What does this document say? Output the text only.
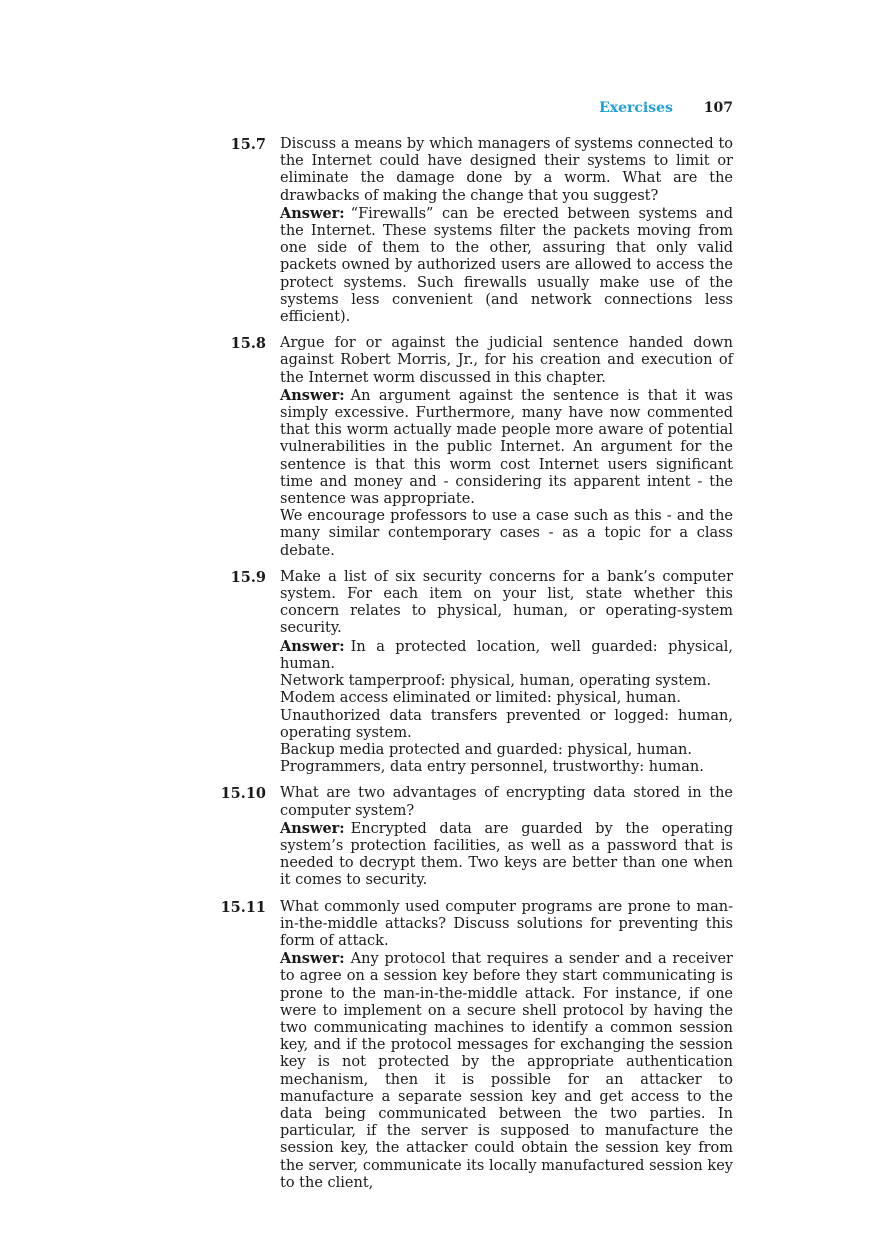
Exercises 107
15.7 Discuss a means by which managers of systems connected to the Internet could have designed their systems to limit or eliminate the damage done by a worm. What are the drawbacks of making the change that you suggest?

Answer: “Firewalls” can be erected between systems and the Internet. These systems filter the packets moving from one side of them to the other, assuring that only valid packets owned by authorized users are allowed to access the protect systems. Such firewalls usually make use of the systems less convenient (and network connections less efficient).

15.8 Argue for or against the judicial sentence handed down against Robert Morris, Jr., for his creation and execution of the Internet worm discussed in this chapter.

Answer: An argument against the sentence is that it was simply excessive. Furthermore, many have now commented that this worm actually made people more aware of potential vulnerabilities in the public Internet. An argument for the sentence is that this worm cost Internet users significant time and money and - considering its apparent intent - the sentence was appropriate.

We encourage professors to use a case such as this - and the many similar contemporary cases - as a topic for a class debate.

15.9 Make a list of six security concerns for a bank’s computer system. For each item on your list, state whether this concern relates to physical, human, or operating-system security.

Answer: In a protected location, well guarded: physical, human.

Network tamperproof: physical, human, operating system.

Modem access eliminated or limited: physical, human.

Unauthorized data transfers prevented or logged: human, operating system.

Backup media protected and guarded: physical, human.

Programmers, data entry personnel, trustworthy: human.

15.10 What are two advantages of encrypting data stored in the computer system?

Answer: Encrypted data are guarded by the operating system’s protection facilities, as well as a password that is needed to decrypt them. Two keys are better than one when it comes to security.

15.11 What commonly used computer programs are prone to man-in-the-middle attacks? Discuss solutions for preventing this form of attack.

Answer: Any protocol that requires a sender and a receiver to agree on a session key before they start communicating is prone to the man-in-the-middle attack. For instance, if one were to implement on a secure shell protocol by having the two communicating machines to identify a common session key, and if the protocol messages for exchanging the session key is not protected by the appropriate authentication mechanism, then it is possible for an attacker to manufacture a separate session key and get access to the data being communicated between the two parties. In particular, if the server is supposed to manufacture the session key, the attacker could obtain the session key from the server, communicate its locally manufactured session key to the client,
